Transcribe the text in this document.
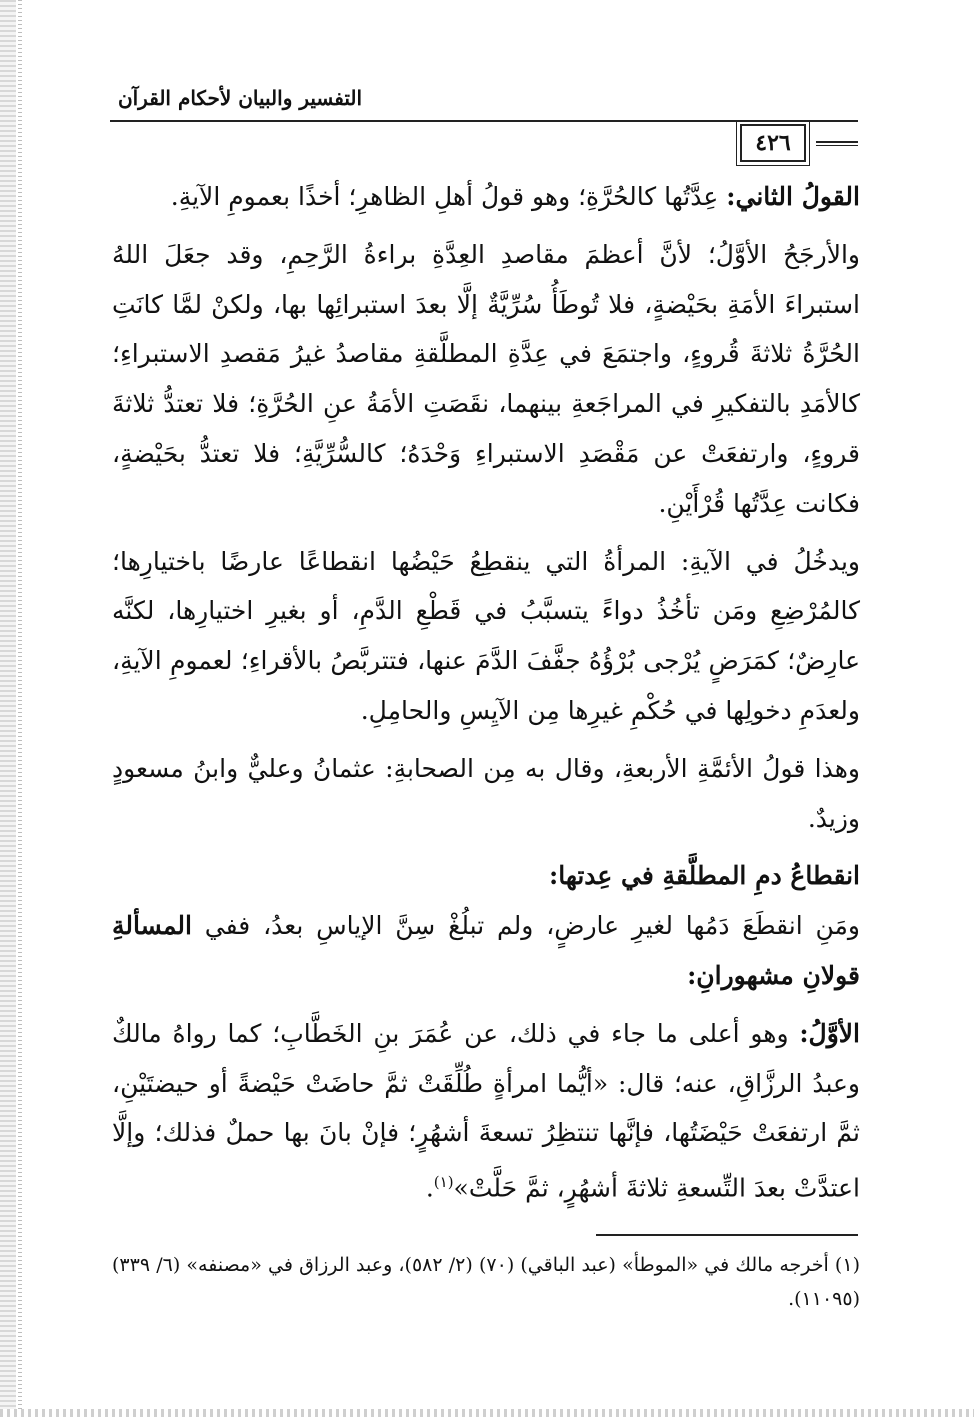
التفسير والبيان لأحكام القرآن
٤٢٦

القولُ الثاني: عِدَّتُها كالحُرَّةِ؛ وهو قولُ أهلِ الظاهرِ؛ أخذًا بعمومِ الآيةِ.

والأرجَحُ الأوَّلُ؛ لأنَّ أعظمَ مقاصدِ العِدَّةِ براءةُ الرَّحِمِ، وقد جعَلَ اللهُ استبراءَ الأمَةِ بحَيْضةٍ، فلا تُوطَأُ سُرِّيَّةٌ إلَّا بعدَ استبرائِها بها، ولكنْ لمَّا كانَتِ الحُرَّةُ ثلاثةَ قُروءٍ، واجتمَعَ في عِدَّةِ المطلَّقةِ مقاصدُ غيرُ مَقصدِ الاستبراءِ؛ كالأمَدِ بالتفكيرِ في المراجَعةِ بينهما، نقَصَتِ الأمَةُ عنِ الحُرَّةِ؛ فلا تعتدُّ ثلاثةَ قروءٍ، وارتفعَتْ عن مَقْصَدِ الاستبراءِ وَحْدَهُ؛ كالسُّرِّيَّةِ؛ فلا تعتدُّ بحَيْضةٍ، فكانت عِدَّتُها قُرْأَيْنِ.

ويدخُلُ في الآيةِ: المرأةُ التي ينقطِعُ حَيْضُها انقطاعًا عارضًا باختيارِها؛ كالمُرْضِعِ ومَن تأخُذُ دواءً يتسبَّبُ في قَطْعِ الدَّمِ، أو بغيرِ اختيارِها، لكنَّه عارِضٌ؛ كمَرَضٍ يُرْجى بُرْؤُهُ جفَّفَ الدَّمَ عنها، فتتربَّصُ بالأقراءِ؛ لعمومِ الآيةِ، ولعدَمِ دخولِها في حُكْمِ غيرِها مِن الآيِسِ والحامِلِ.

وهذا قولُ الأئمَّةِ الأربعةِ، وقال به مِن الصحابةِ: عثمانُ وعليٌّ وابنُ مسعودٍ وزيدٌ.

انقطاعُ دمِ المطلَّقةِ في عِدتها:

ومَنِ انقطَعَ دَمُها لغيرِ عارضٍ، ولم تبلُغْ سِنَّ الإياسِ بعدُ، ففي المسألةِ قولانِ مشهورانِ:

الأوَّلُ: وهو أعلى ما جاء في ذلك، عن عُمَرَ بنِ الخَطَّابِ؛ كما رواهُ مالكٌ وعبدُ الرزَّاقِ، عنه؛ قال: «أيُّما امرأةٍ طُلِّقَتْ ثمَّ حاضَتْ حَيْضةً أو حيضتَيْنِ، ثمَّ ارتفعَتْ حَيْضَتُها، فإنَّها تنتظِرُ تسعةَ أشهُرٍ؛ فإنْ بانَ بها حملٌ فذلك؛ وإلَّا اعتدَّتْ بعدَ التِّسعةِ ثلاثةَ أشهُرٍ، ثمَّ حَلَّتْ»$^{(١)}$.

(١) أخرجه مالك في «الموطأ» (عبد الباقي) (٧٠) (٢/ ٥٨٢)، وعبد الرزاق في «مصنفه» (٦/ ٣٣٩) (١١٠٩٥).
